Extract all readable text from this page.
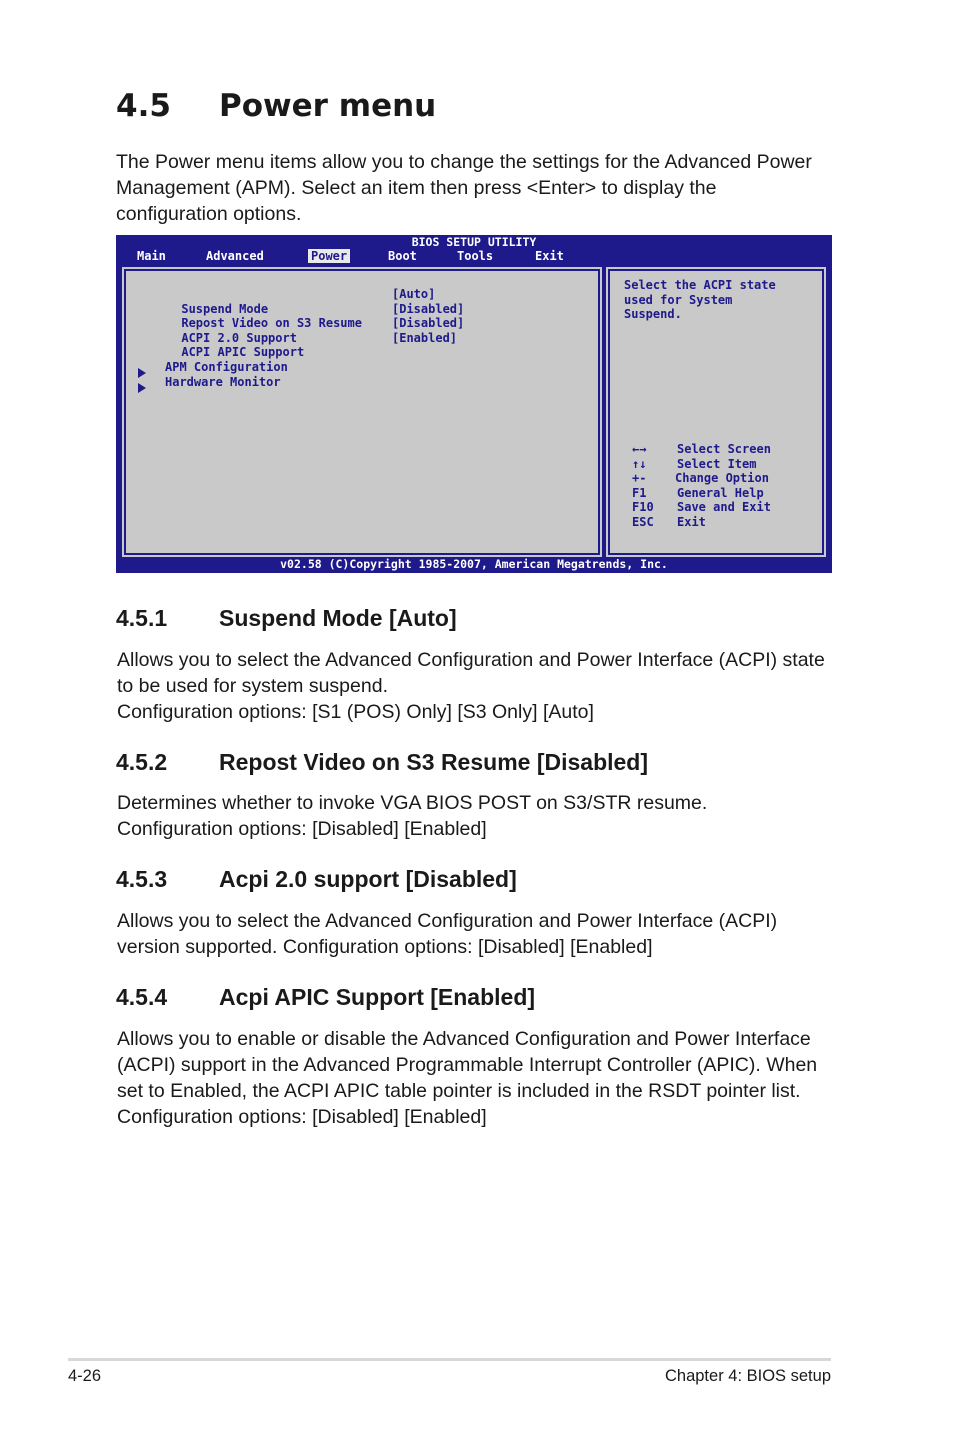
4.5 Power menu

The Power menu items allow you to change the settings for the Advanced Power Management (APM). Select an item then press <Enter> to display the configuration options.

BIOS SETUP UTILITY
Main	Advanced	Power	Boot	Tools	Exit

Suspend Mode

[Auto]

Repost Video on S3 Resume

[Disabled]

ACPI 2.0 Support

[Disabled]

ACPI APIC Support

[Enabled]
APM Configuration
Hardware Monitor
Select the ACPI state
used for System
Suspend.
←→	Select Screen
↑↓	Select Item
+- Change Option
F1	General Help
F10 Save and Exit
ESC Exit
v02.58 (C)Copyright 1985-2007, American Megatrends, Inc.
4.5.1 Suspend Mode [Auto]
Allows you to select the Advanced Configuration and Power Interface (ACPI) state
to be used for system suspend.
Configuration options: [S1 (POS) Only] [S3 Only] [Auto]
4.5.2 Repost Video on S3 Resume [Disabled]
Determines whether to invoke VGA BIOS POST on S3/STR resume.
Configuration options: [Disabled] [Enabled]
4.5.3 Acpi 2.0 support [Disabled]
Allows you to select the Advanced Configuration and Power Interface (ACPI)
version supported. Configuration options: [Disabled] [Enabled]
4.5.4 Acpi APIC Support [Enabled]
Allows you to enable or disable the Advanced Configuration and Power Interface
(ACPI) support in the Advanced Programmable Interrupt Controller (APIC). When
set to Enabled, the ACPI APIC table pointer is included in the RSDT pointer list.
Configuration options: [Disabled] [Enabled]
4-26	Chapter 4: BIOS setup
